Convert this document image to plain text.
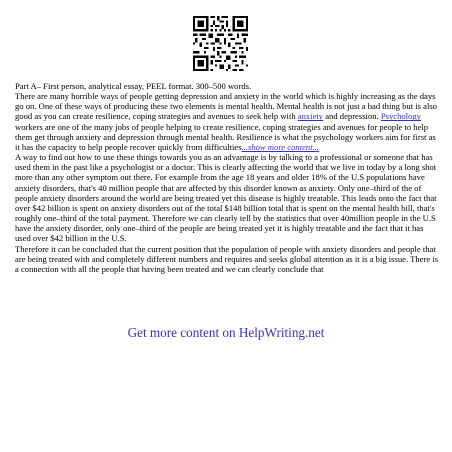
Part A– First person, analytical essay, PEEL format. 300–500 words.

There are many horrible ways of people getting depression and anxiety in the world which is highly increasing as the days go on. One of these ways of producing these two elements is mental health. Mental health is not just a bad thing but is also good as you can create resilience, coping strategies and avenues to seek help with anxiety and depression. Psychology workers are one of the many jobs of people helping to create resilience, coping strategies and avenues for people to help them get through anxiety and depression through mental health. Resilience is what the psychology workers aim for first as it has the capacity to help people recover quickly from difficulties...show more content...

A way to find out how to use these things towards you as an advantage is by talking to a professional or someone that has used them in the past like a psychologist or a doctor. This is clearly affecting the world that we live in today by a long shot more than any other symptom out there. For example from the age 18 years and older 18% of the U.S populations have anxiety disorders, that's 40 million people that are affected by this disorder known as anxiety. Only one–third of the of people anxiety disorders around the world are being treated yet this disease is highly treatable. This leads onto the fact that over $42 billion is spent on anxiety disorders out of the total $148 billion total that is spent on the mental health bill, that's roughly one–third of the total payment. Therefore we can clearly tell by the statistics that over 40million people in the U.S have the anxiety disorder, only one–third of the people are being treated yet it is highly treatable and the fact that it has used over $42 billion in the U.S.

Therefore it can be concluded that the current position that the population of people with anxiety disorders and people that are being treated with and completely different numbers and requires and seeks global attention as it is a big issue. There is a connection with all the people that having been treated and we can clearly conclude that

Get more content on HelpWriting.net
